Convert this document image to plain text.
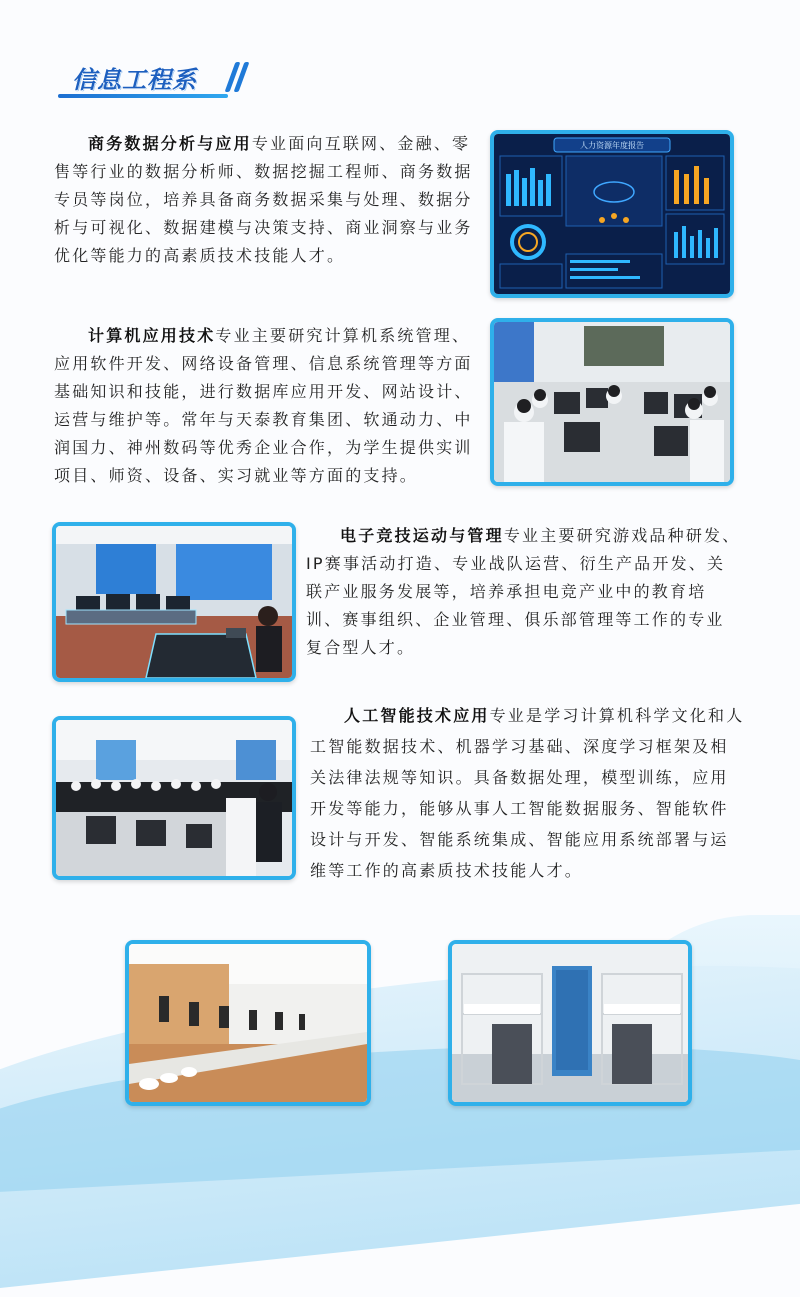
信息工程系

商务数据分析与应用专业面向互联网、金融、零售等行业的数据分析师、数据挖掘工程师、商务数据专员等岗位，培养具备商务数据采集与处理、数据分析与可视化、数据建模与决策支持、商业洞察与业务优化等能力的高素质技术技能人才。

人力资源年度报告

计算机应用技术专业主要研究计算机系统管理、应用软件开发、网络设备管理、信息系统管理等方面基础知识和技能，进行数据库应用开发、网站设计、运营与维护等。常年与天泰教育集团、软通动力、中润国力、神州数码等优秀企业合作，为学生提供实训项目、师资、设备、实习就业等方面的支持。

电子竞技运动与管理专业主要研究游戏品种研发、IP赛事活动打造、专业战队运营、衍生产品开发、关联产业服务发展等，培养承担电竞产业中的教育培训、赛事组织、企业管理、俱乐部管理等工作的专业复合型人才。

人工智能技术应用专业是学习计算机科学文化和人工智能数据技术、机器学习基础、深度学习框架及相关法律法规等知识。具备数据处理，模型训练，应用开发等能力，能够从事人工智能数据服务、智能软件设计与开发、智能系统集成、智能应用系统部署与运维等工作的高素质技术技能人才。
